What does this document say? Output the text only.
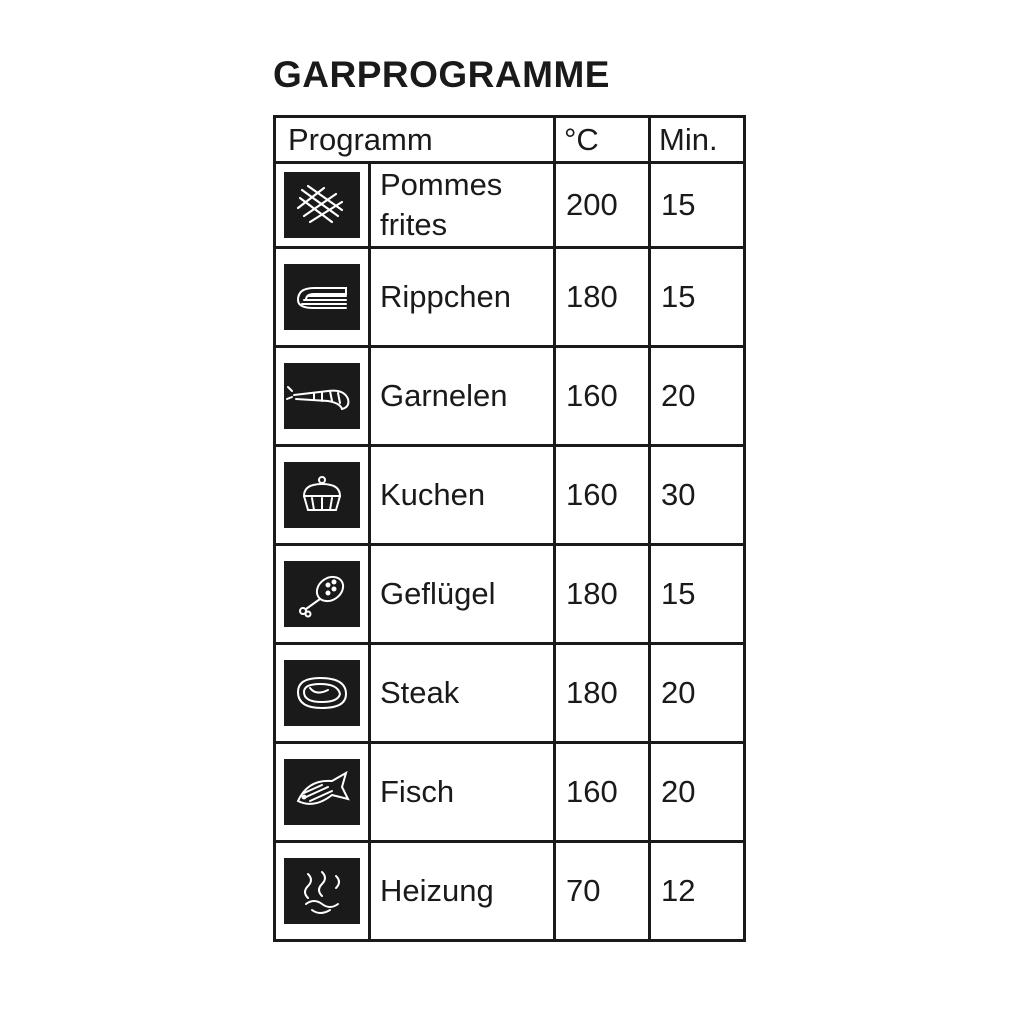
GARPROGRAMME
Programm		°C	Min.

Pommes
frites	200	15

	Rippchen	180	15

	Garnelen	160	20

	Kuchen	160	30

	Geflügel	180	15

	Steak	180	20

	Fisch	160	20

	Heizung	70	12
